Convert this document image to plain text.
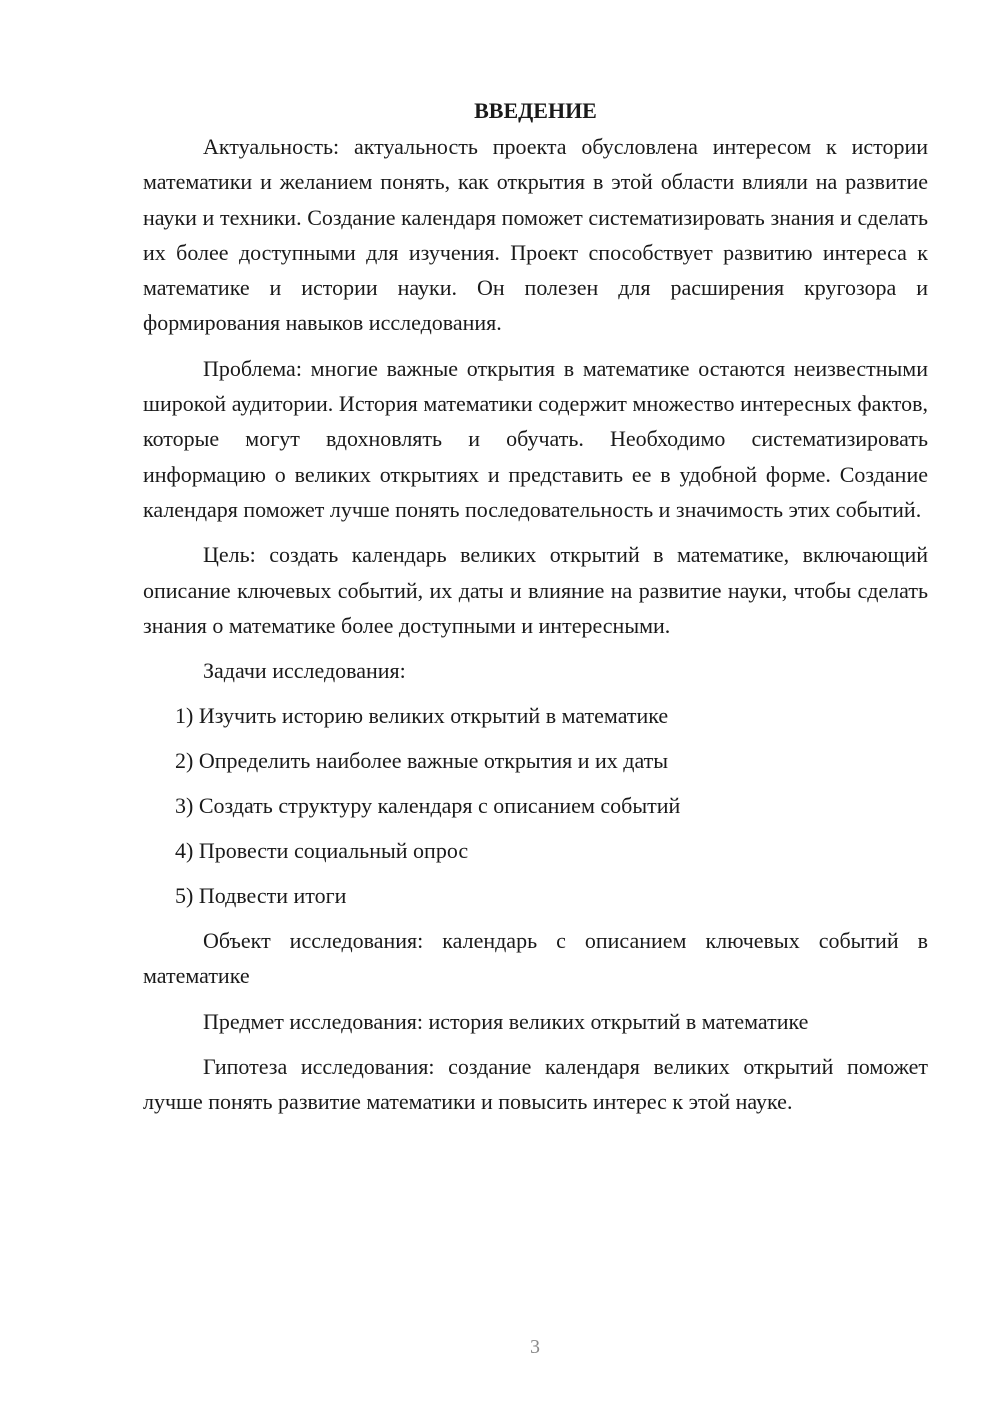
ВВЕДЕНИЕ

Актуальность: актуальность проекта обусловлена интересом к истории математики и желанием понять, как открытия в этой области влияли на развитие науки и техники. Создание календаря поможет систематизировать знания и сделать их более доступными для изучения. Проект способствует развитию интереса к математике и истории науки. Он полезен для расширения кругозора и формирования навыков исследования.

Проблема: многие важные открытия в математике остаются неизвестными широкой аудитории. История математики содержит множество интересных фактов, которые могут вдохновлять и обучать. Необходимо систематизировать информацию о великих открытиях и представить ее в удобной форме. Создание календаря поможет лучше понять последовательность и значимость этих событий.

Цель: создать календарь великих открытий в математике, включающий описание ключевых событий, их даты и влияние на развитие науки, чтобы сделать знания о математике более доступными и интересными.

Задачи исследования:
1) Изучить историю великих открытий в математике
2) Определить наиболее важные открытия и их даты
3) Создать структуру календаря с описанием событий
4) Провести социальный опрос
5) Подвести итоги

Объект исследования: календарь с описанием ключевых событий в математике

Предмет исследования: история великих открытий в математике

Гипотеза исследования: создание календаря великих открытий поможет лучше понять развитие математики и повысить интерес к этой науке.

3
